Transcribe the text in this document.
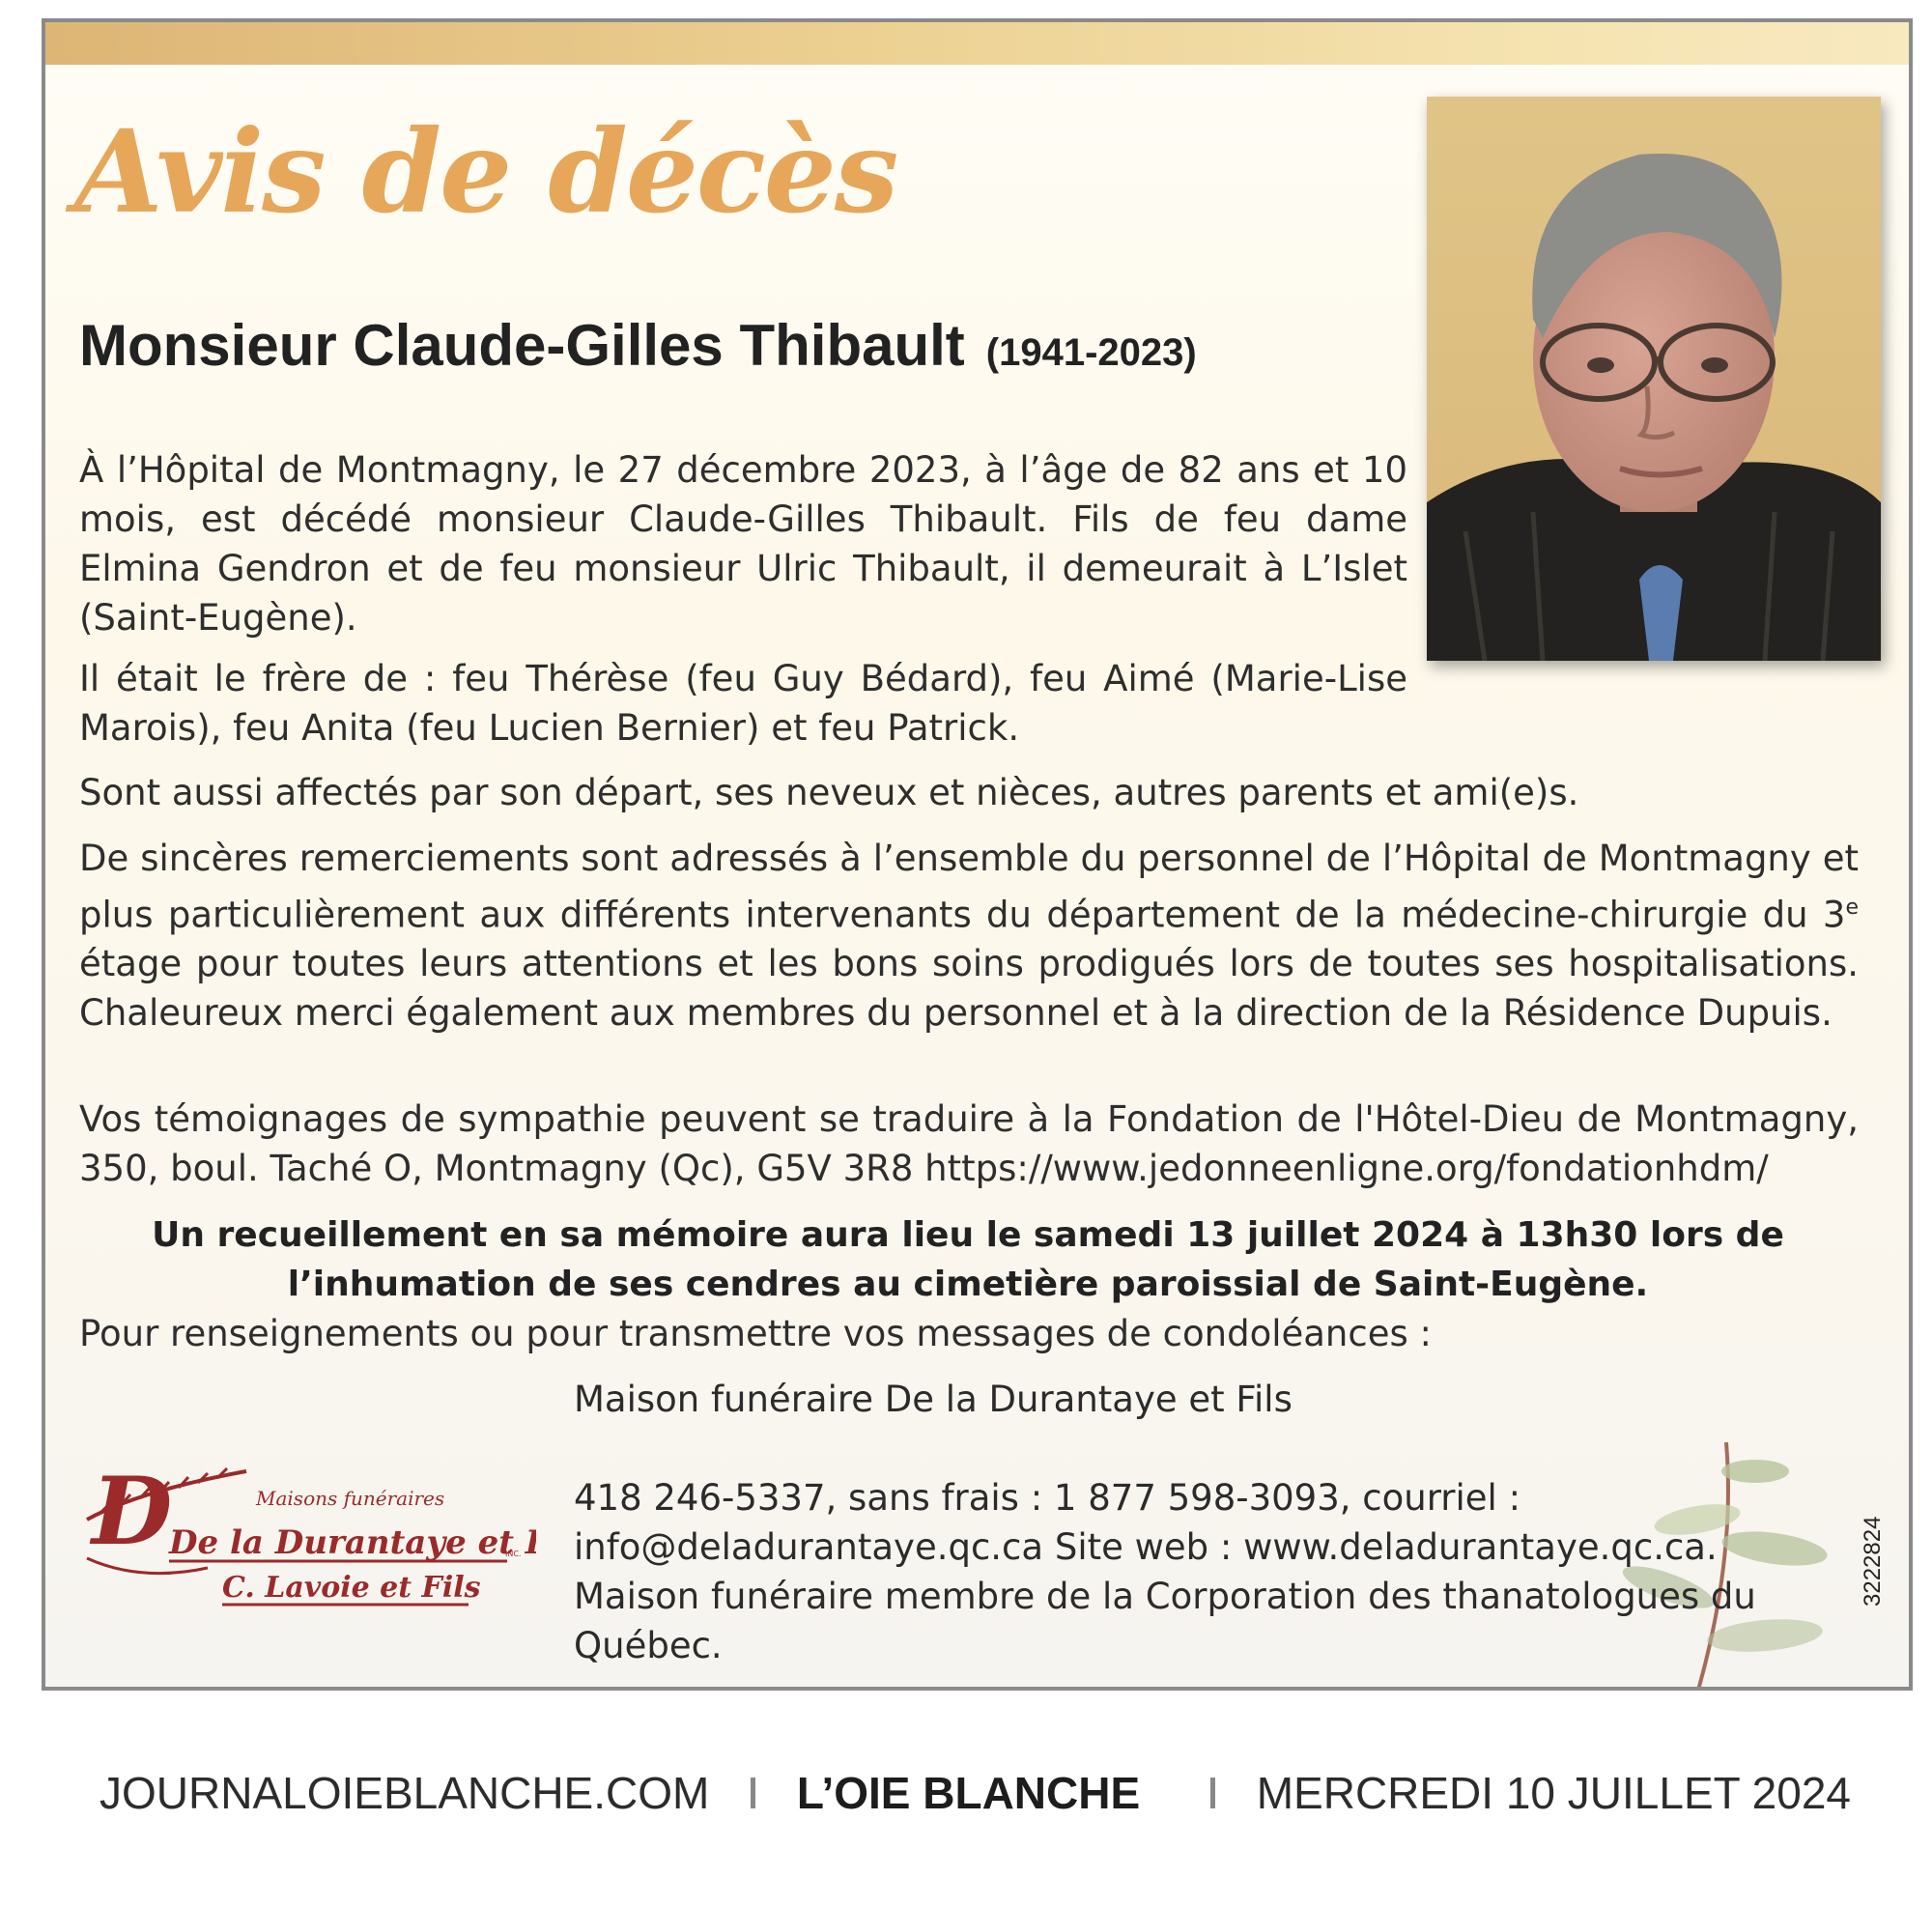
Avis de décès
Monsieur Claude-Gilles Thibault (1941-2023)

À l’Hôpital de Montmagny, le 27 décembre 2023, à l’âge de 82 ans et 10 mois, est décédé monsieur Claude-Gilles Thibault. Fils de feu dame Elmina Gendron et de feu monsieur Ulric Thibault, il demeurait à L’Islet (Saint-Eugène).

Il était le frère de : feu Thérèse (feu Guy Bédard), feu Aimé (Marie-Lise Marois), feu Anita (feu Lucien Bernier) et feu Patrick.

Sont aussi affectés par son départ, ses neveux et nièces, autres parents et ami(e)s.

De sincères remerciements sont adressés à l’ensemble du personnel de l’Hôpital de Montmagny et plus particulièrement aux différents intervenants du département de la médecine-chirurgie du 3e étage pour toutes leurs attentions et les bons soins prodigués lors de toutes ses hospitalisations. Chaleureux merci également aux membres du personnel et à la direction de la Résidence Dupuis.

Vos témoignages de sympathie peuvent se traduire à la Fondation de l'Hôtel-Dieu de Montmagny, 350, boul. Taché O, Montmagny (Qc), G5V 3R8 https://www.jedonneenligne.org/fondationhdm/

Un recueillement en sa mémoire aura lieu le samedi 13 juillet 2024 à 13h30 lors de l’inhumation de ses cendres au cimetière paroissial de Saint-Eugène.

Pour renseignements ou pour transmettre vos messages de condoléances :

Maison funéraire De la Durantaye et Fils

418 246-5337, sans frais : 1 877 598-3093, courriel : info@deladurantaye.qc.ca Site web : www.deladurantaye.qc.ca.

Maison funéraire membre de la Corporation des thanatologues du Québec.

D	Maisons funéraires
De la Durantaye et
INC.
C. Lavoie et Fils	3222824
JOURNALOIEBLANCHE.COM L’OIE BLANCHE	MERCREDI 10 JUILLET 2024
